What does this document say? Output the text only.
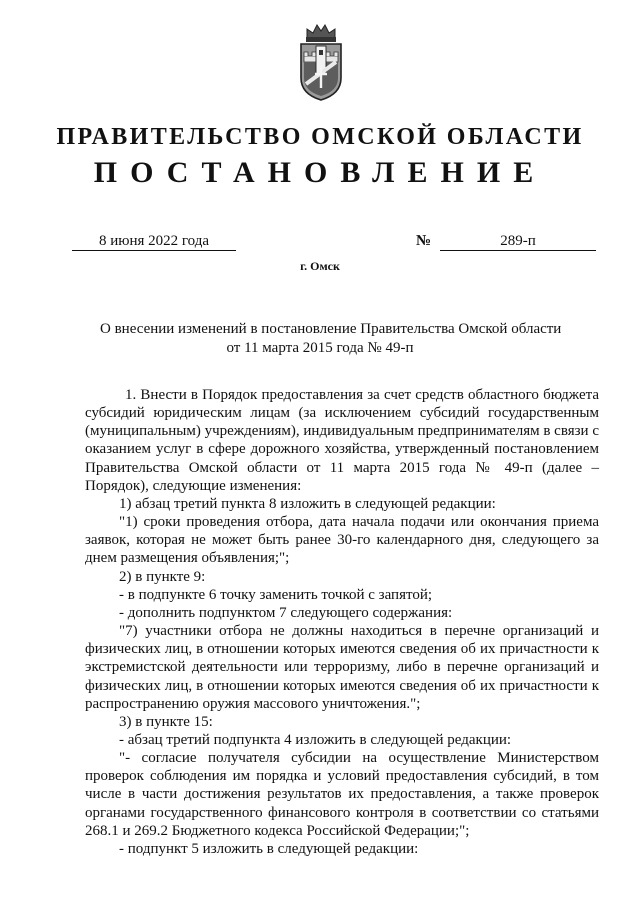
ПРАВИТЕЛЬСТВО ОМСКОЙ ОБЛАСТИ
ПОСТАНОВЛЕНИЕ
8 июня 2022 года	№	289-п
г. Омск
О внесении изменений в постановление Правительства Омской области
от 11 марта 2015 года № 49-п

1. Внести в Порядок предоставления за счет средств областного бюджета субсидий юридическим лицам (за исключением субсидий государственным (муниципальным) учреждениям), индивидуальным предпринимателям в связи с оказанием услуг в сфере дорожного хозяйства, утвержденный постановлением Правительства Омской области от 11 марта 2015 года № 49-п (далее – Порядок), следующие изменения:

1) абзац третий пункта 8 изложить в следующей редакции:

"1) сроки проведения отбора, дата начала подачи или окончания приема заявок, которая не может быть ранее 30-го календарного дня, следующего за днем размещения объявления;";

2) в пункте 9:

- в подпункте 6 точку заменить точкой с запятой;

- дополнить подпунктом 7 следующего содержания:

"7) участники отбора не должны находиться в перечне организаций и физических лиц, в отношении которых имеются сведения об их причастности к экстремистской деятельности или терроризму, либо в перечне организаций и физических лиц, в отношении которых имеются сведения об их причастности к распространению оружия массового уничтожения.";

3) в пункте 15:

- абзац третий подпункта 4 изложить в следующей редакции:

"- согласие получателя субсидии на осуществление Министерством проверок соблюдения им порядка и условий предоставления субсидий, в том числе в части достижения результатов их предоставления, а также проверок органами государственного финансового контроля в соответствии со статьями 268.1 и 269.2 Бюджетного кодекса Российской Федерации;";

- подпункт 5 изложить в следующей редакции:
